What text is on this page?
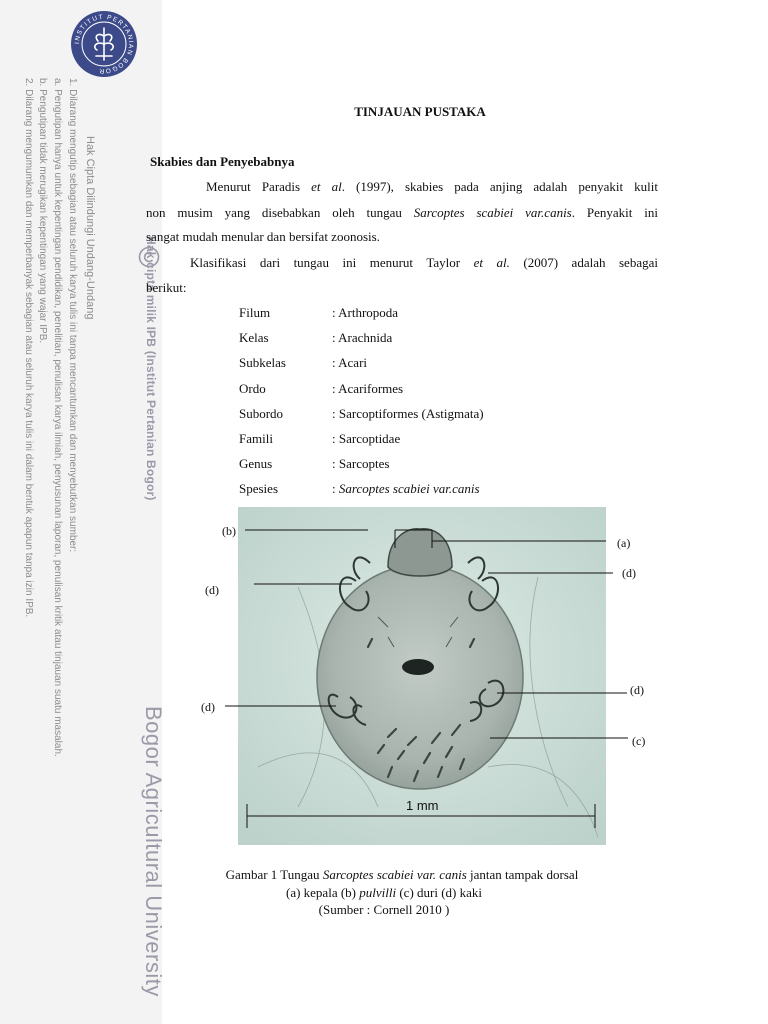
INSTITUT PERTANIAN BOGOR
Hak Cipta Dilindungi Undang-Undang
1. Dilarang mengutip sebagian atau seluruh karya tulis ini tanpa mencantumkan dan menyebutkan sumber:
a. Pengutipan hanya untuk kepentingan pendidikan, penelitian, penulisan karya ilmiah, penyusunan laporan, penulisan kritik atau tinjauan suatu masalah.
b. Pengutipan tidak merugikan kepentingan yang wajar IPB.
2. Dilarang mengumumkan dan memperbanyak sebagian atau seluruh karya tulis ini dalam bentuk apapun tanpa izin IPB.	Hak cipta milik IPB (Institut Pertanian Bogor)
Bogor Agricultural University
TINJAUAN PUSTAKA
Skabies dan Penyebabnya
Menurut Paradis et al. (1997), skabies pada anjing adalah penyakit kulit
non musim yang disebabkan oleh tungau Sarcoptes scabiei var.canis. Penyakit ini
sangat mudah menular dan bersifat zoonosis.
Klasifikasi dari tungau ini menurut Taylor et al. (2007) adalah sebagai
berikut:
Filum	: Arthropoda
Kelas	: Arachnida
Subkelas	: Acari
Ordo	: Acariformes
Subordo	: Sarcoptiformes (Astigmata)
Famili	: Sarcoptidae
Genus	: Sarcoptes
Spesies	: Sarcoptes scabiei var.canis
(b)
(a)
(d)
(d)
(d)
(d)
(c)
1 mm
Gambar 1 Tungau Sarcoptes scabiei var. canis jantan tampak dorsal
(a) kepala (b) pulvilli (c) duri (d) kaki
(Sumber : Cornell 2010 )
